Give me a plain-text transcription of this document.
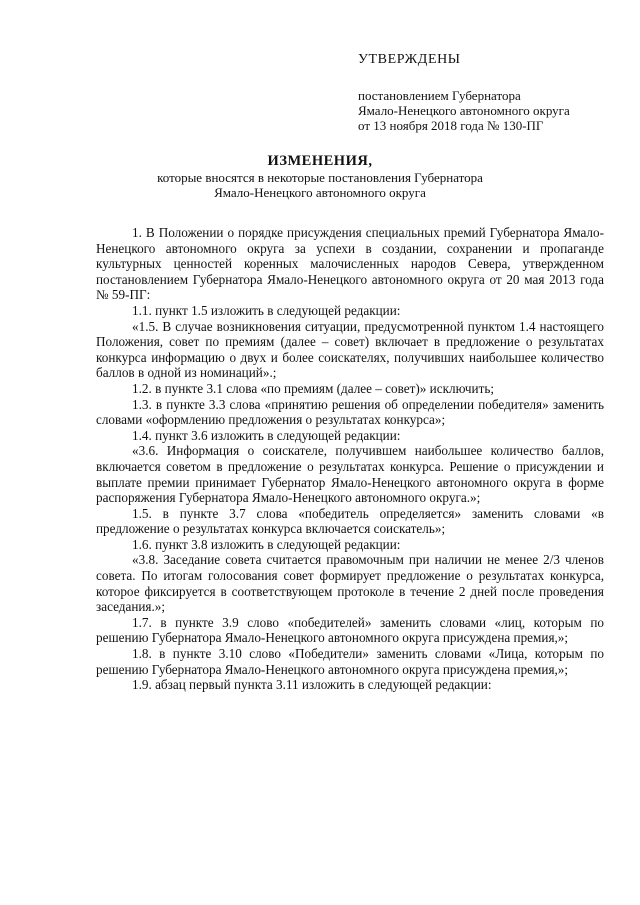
УТВЕРЖДЕНЫ

постановлением Губернатора

Ямало-Ненецкого автономного округа

от 13 ноября 2018 года № 130-ПГ

ИЗМЕНЕНИЯ,
которые вносятся в некоторые постановления Губернатора
Ямало-Ненецкого автономного округа

1. В Положении о порядке присуждения специальных премий Губернатора Ямало-Ненецкого автономного округа за успехи в создании, сохранении и пропаганде культурных ценностей коренных малочисленных народов Севера, утвержденном постановлением Губернатора Ямало-Ненецкого автономного округа от 20 мая 2013 года № 59-ПГ:

1.1. пункт 1.5 изложить в следующей редакции:

«1.5. В случае возникновения ситуации, предусмотренной пунктом 1.4 настоящего Положения, совет по премиям (далее – совет) включает в предложение о результатах конкурса информацию о двух и более соискателях, получивших наибольшее количество баллов в одной из номинаций».;

1.2. в пункте 3.1 слова «по премиям (далее – совет)» исключить;

1.3. в пункте 3.3 слова «принятию решения об определении победителя» заменить словами «оформлению предложения о результатах конкурса»;

1.4. пункт 3.6 изложить в следующей редакции:

«3.6. Информация о соискателе, получившем наибольшее количество баллов, включается советом в предложение о результатах конкурса. Решение о присуждении и выплате премии принимает Губернатор Ямало-Ненецкого автономного округа в форме распоряжения Губернатора Ямало-Ненецкого автономного округа.»;

1.5. в пункте 3.7 слова «победитель определяется» заменить словами «в предложение о результатах конкурса включается соискатель»;

1.6. пункт 3.8 изложить в следующей редакции:

«3.8. Заседание совета считается правомочным при наличии не менее 2/3 членов совета. По итогам голосования совет формирует предложение о результатах конкурса, которое фиксируется в соответствующем протоколе в течение 2 дней после проведения заседания.»;

1.7. в пункте 3.9 слово «победителей» заменить словами «лиц, которым по решению Губернатора Ямало-Ненецкого автономного округа присуждена премия,»;

1.8. в пункте 3.10 слово «Победители» заменить словами «Лица, которым по решению Губернатора Ямало-Ненецкого автономного округа присуждена премия,»;

1.9. абзац первый пункта 3.11 изложить в следующей редакции:
